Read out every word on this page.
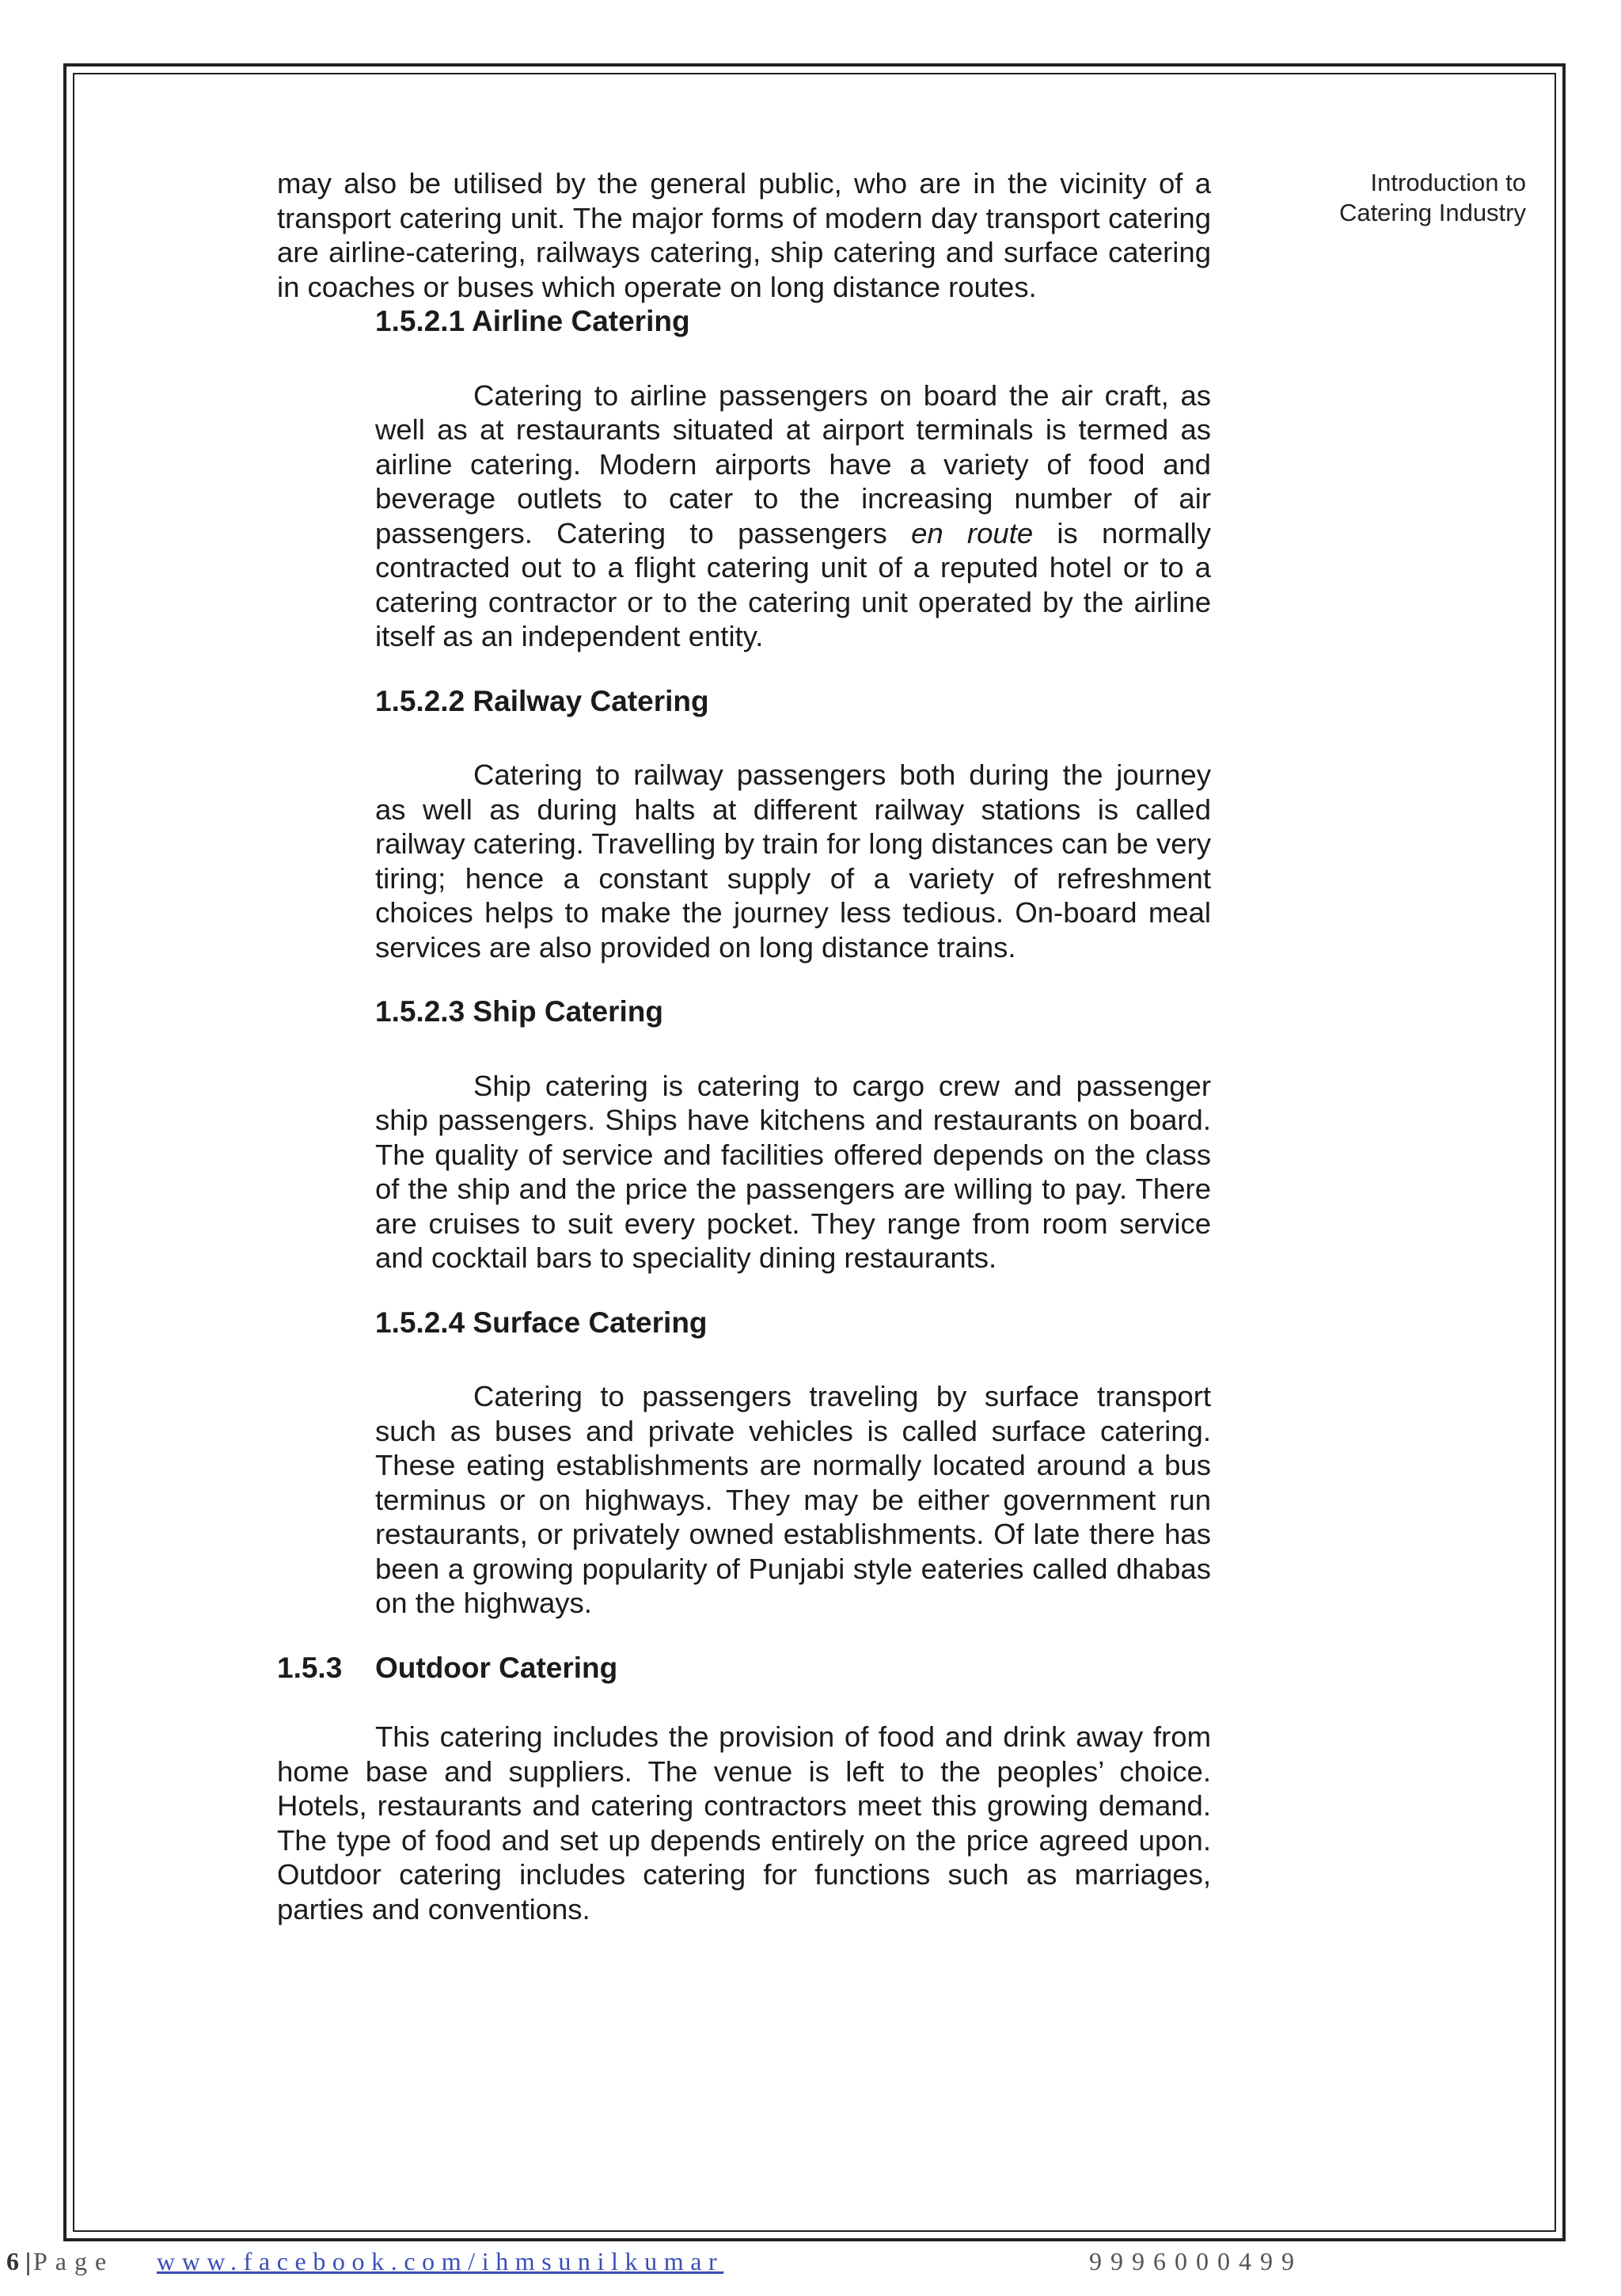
Introduction to
Catering Industry

may also be utilised by the general public, who are in the vicinity of a transport catering unit. The major forms of modern day transport catering are airline-catering, railways catering, ship catering and surface catering in coaches or buses which operate on long distance routes.

1.5.2.1 Airline Catering

Catering to airline passengers on board the air craft, as well as at restaurants situated at airport terminals is termed as airline catering. Modern airports have a variety of food and beverage outlets to cater to the increasing number of air passengers. Catering to passengers en route is normally contracted out to a flight catering unit of a reputed hotel or to a catering contractor or to the catering unit operated by the airline itself as an independent entity.

1.5.2.2 Railway Catering

Catering to railway passengers both during the journey as well as during halts at different railway stations is called railway catering. Travelling by train for long distances can be very tiring; hence a constant supply of a variety of refreshment choices helps to make the journey less tedious. On-board meal services are also provided on long distance trains.

1.5.2.3 Ship Catering

Ship catering is catering to cargo crew and passenger ship passengers. Ships have kitchens and restaurants on board. The quality of service and facilities offered depends on the class of the ship and the price the passengers are willing to pay. There are cruises to suit every pocket. They range from room service and cocktail bars to speciality dining restaurants.

1.5.2.4 Surface Catering

Catering to passengers traveling by surface transport such as buses and private vehicles is called surface catering. These eating establishments are normally located around a bus terminus or on highways. They may be either government run restaurants, or privately owned establishments. Of late there has been a growing popularity of Punjabi style eateries called dhabas on the highways.

1.5.3 Outdoor Catering

This catering includes the provision of food and drink away from home base and suppliers. The venue is left to the peoples’ choice. Hotels, restaurants and catering contractors meet this growing demand. The type of food and set up depends entirely on the price agreed upon. Outdoor catering includes catering for functions such as marriages, parties and conventions.

6 | Page www.facebook.com/ihmsunilkumar	9996000499
